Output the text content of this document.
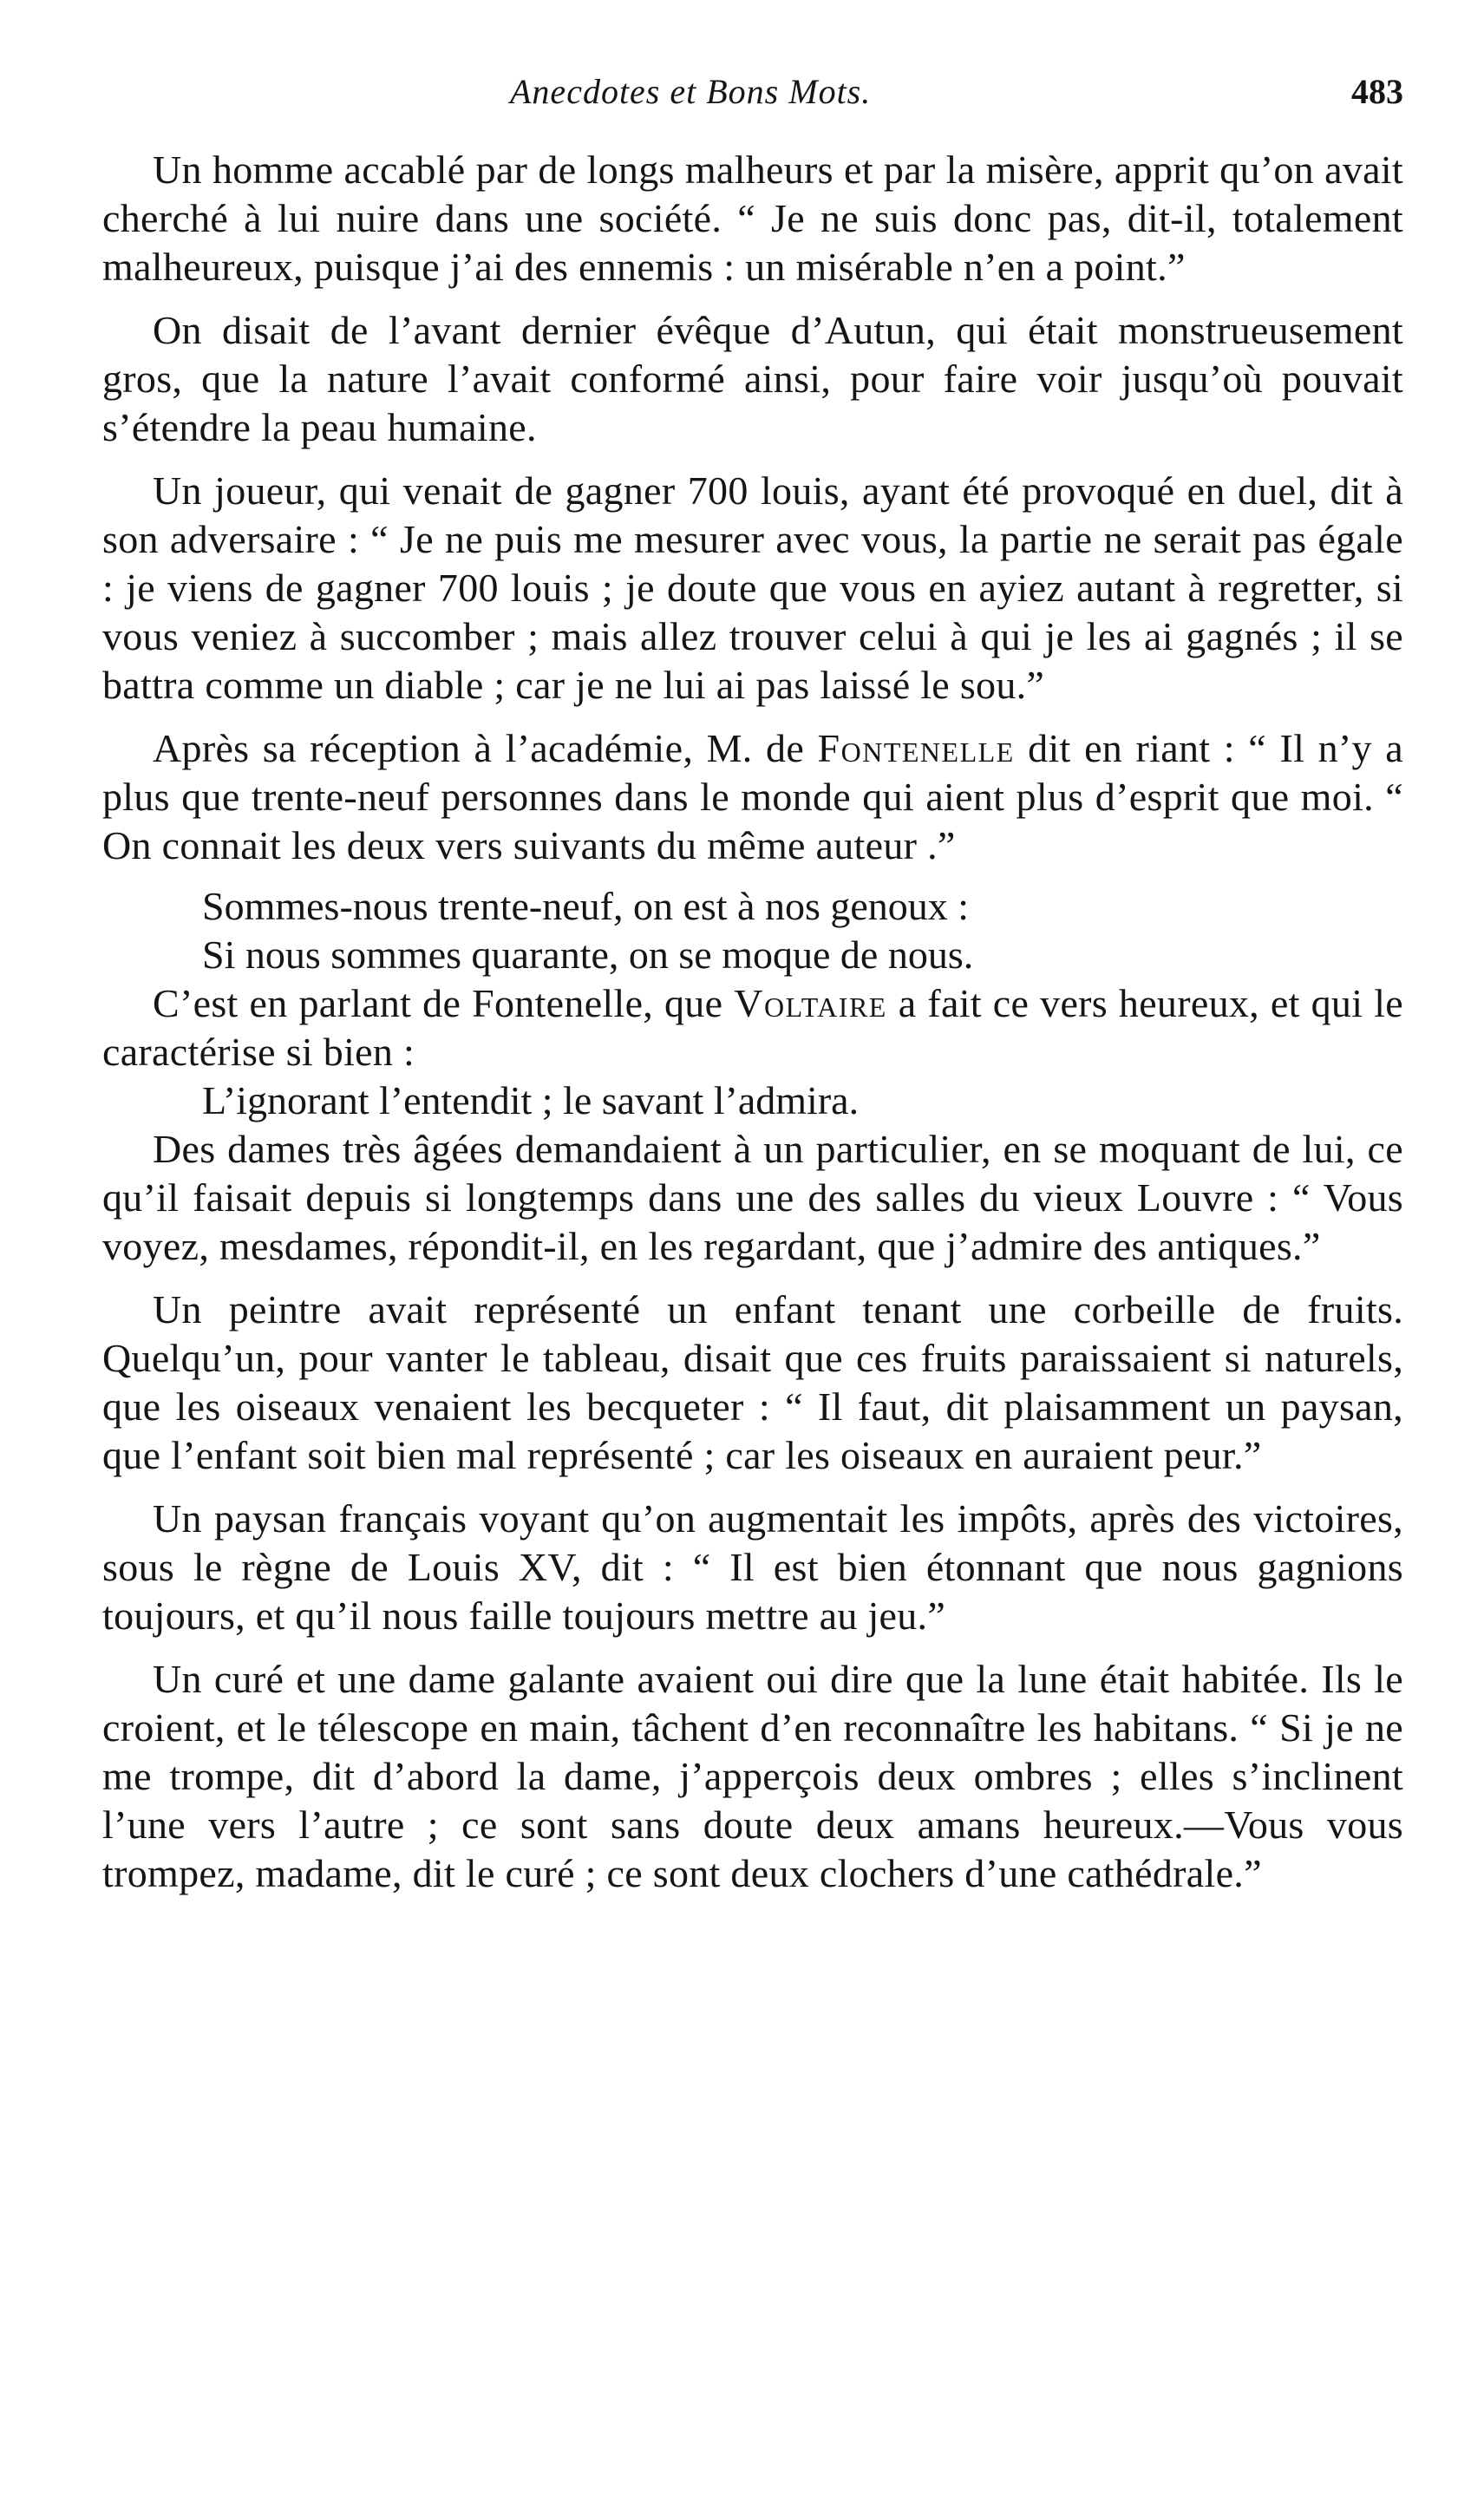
Anecdotes et Bons Mots.	483

Un homme accablé par de longs malheurs et par la misère, apprit qu’on avait cherché à lui nuire dans une société. “ Je ne suis donc pas, dit-il, totalement malheureux, puisque j’ai des ennemis : un misérable n’en a point.”

On disait de l’avant dernier évêque d’Autun, qui était monstrueusement gros, que la nature l’avait conformé ainsi, pour faire voir jusqu’où pouvait s’étendre la peau humaine.

Un joueur, qui venait de gagner 700 louis, ayant été provoqué en duel, dit à son adversaire : “ Je ne puis me mesurer avec vous, la partie ne serait pas égale : je viens de gagner 700 louis ; je doute que vous en ayiez autant à regretter, si vous veniez à succomber ; mais allez trouver celui à qui je les ai gagnés ; il se battra comme un diable ; car je ne lui ai pas laissé le sou.”

Après sa réception à l’académie, M. de Fontenelle dit en riant : “ Il n’y a plus que trente-neuf personnes dans le monde qui aient plus d’esprit que moi. “ On connait les deux vers suivants du même auteur .”

Sommes-nous trente-neuf, on est à nos genoux :
Si nous sommes quarante, on se moque de nous.

C’est en parlant de Fontenelle, que Voltaire a fait ce vers heureux, et qui le caractérise si bien :

L’ignorant l’entendit ; le savant l’admira.

Des dames très âgées demandaient à un particulier, en se moquant de lui, ce qu’il faisait depuis si longtemps dans une des salles du vieux Louvre : “ Vous voyez, mesdames, répondit-il, en les regardant, que j’admire des antiques.”

Un peintre avait représenté un enfant tenant une corbeille de fruits. Quelqu’un, pour vanter le tableau, disait que ces fruits paraissaient si naturels, que les oiseaux venaient les becqueter : “ Il faut, dit plaisamment un paysan, que l’enfant soit bien mal représenté ; car les oiseaux en auraient peur.”

Un paysan français voyant qu’on augmentait les impôts, après des victoires, sous le règne de Louis XV, dit : “ Il est bien étonnant que nous gagnions toujours, et qu’il nous faille toujours mettre au jeu.”

Un curé et une dame galante avaient oui dire que la lune était habitée. Ils le croient, et le télescope en main, tâchent d’en reconnaître les habitans. “ Si je ne me trompe, dit d’abord la dame, j’apperçois deux ombres ; elles s’inclinent l’une vers l’autre ; ce sont sans doute deux amans heureux.—Vous vous trompez, madame, dit le curé ; ce sont deux clochers d’une cathédrale.”
